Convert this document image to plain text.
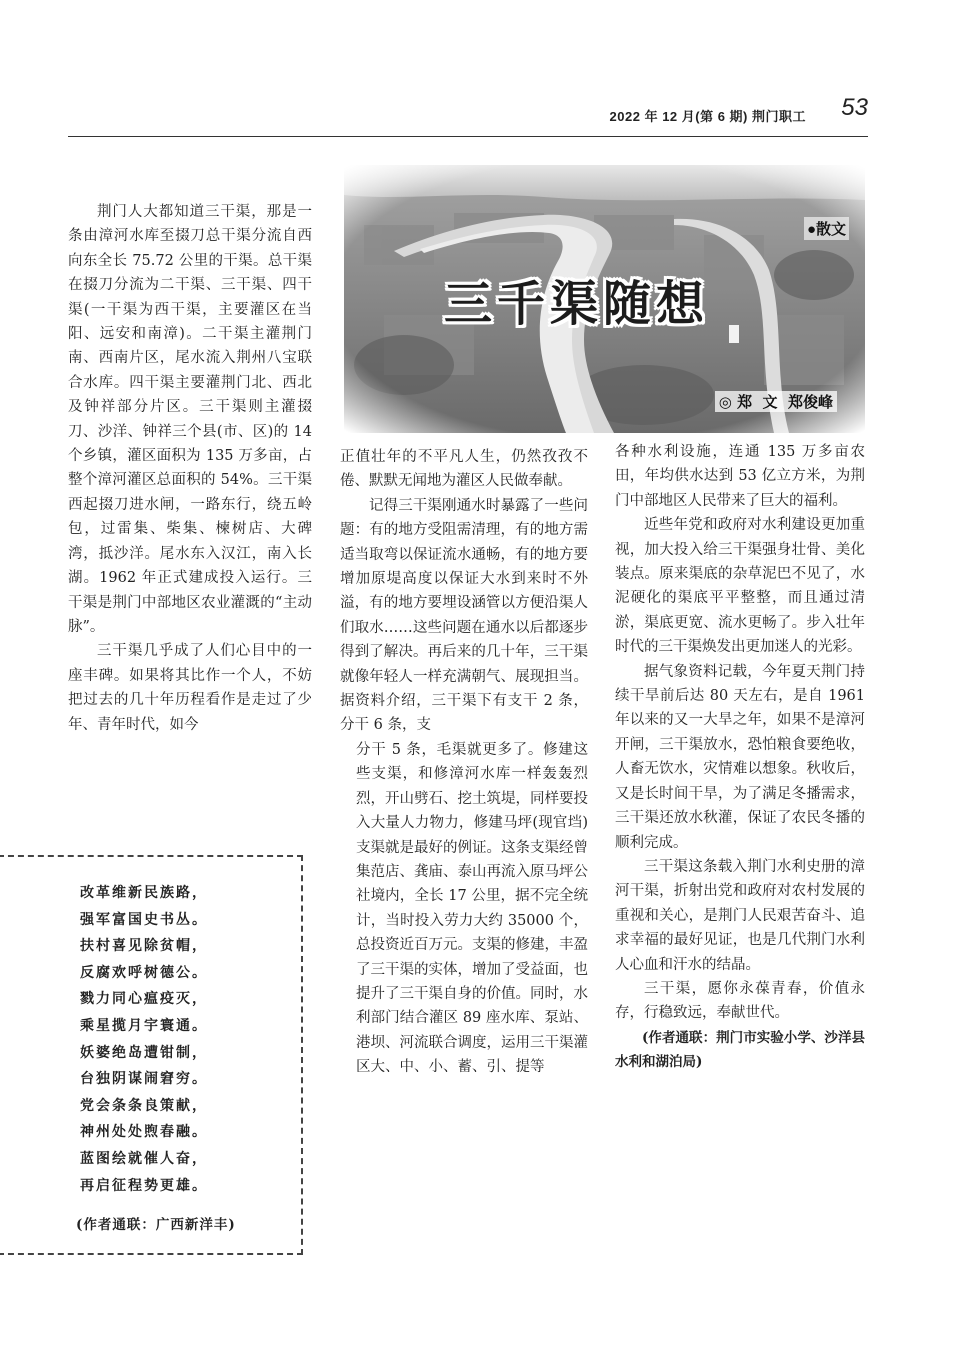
2022 年 12 月(第 6 期) 荆门职工 53
●散文
三千渠随想
◎ 郑  文  郑俊峰

荆门人大都知道三干渠，那是一条由漳河水库至掇刀总干渠分流自西向东全长 75.72 公里的干渠。总干渠在掇刀分流为二干渠、三干渠、四干渠(一干渠为西干渠，主要灌区在当阳、远安和南漳)。二干渠主灌荆门南、西南片区，尾水流入荆州八宝联合水库。四干渠主要灌荆门北、西北及钟祥部分片区。三干渠则主灌掇刀、沙洋、钟祥三个县(市、区)的 14 个乡镇，灌区面积为 135 万多亩，占整个漳河灌区总面积的 54%。三干渠西起掇刀进水闸，一路东行，绕五岭包，过雷集、柴集、楝树店、大碑湾，抵沙洋。尾水东入汉江，南入长湖。1962 年正式建成投入运行。三干渠是荆门中部地区农业灌溉的“主动脉”。

三干渠几乎成了人们心目中的一座丰碑。如果将其比作一个人，不妨把过去的几十年历程看作是走过了少年、青年时代，如今

正值壮年的不平凡人生，仍然孜孜不倦、默默无闻地为灌区人民做奉献。

记得三干渠刚通水时暴露了一些问题：有的地方受阻需清理，有的地方需适当取弯以保证流水通畅，有的地方要增加原堤高度以保证大水到来时不外溢，有的地方要埋设涵管以方便沿渠人们取水……这些问题在通水以后都逐步得到了解决。再后来的几十年，三干渠就像年轻人一样充满朝气、展现担当。据资料介绍，三干渠下有支干 2 条，分干 6 条，支

分干 5 条，毛渠就更多了。修建这些支渠，和修漳河水库一样轰轰烈烈，开山劈石、挖土筑堤，同样要投入大量人力物力，修建马坪(现官垱)支渠就是最好的例证。这条支渠经曾集范店、龚庙、泰山再流入原马坪公社境内，全长 17 公里，据不完全统计，当时投入劳力大约 35000 个，总投资近百万元。支渠的修建，丰盈了三干渠的实体，增加了受益面，也提升了三干渠自身的价值。同时，水利部门结合灌区 89 座水库、泵站、港坝、河流联合调度，运用三干渠灌区大、中、小、蓄、引、提等

各种水利设施，连通 135 万多亩农田，年均供水达到 53 亿立方米，为荆门中部地区人民带来了巨大的福利。

近些年党和政府对水利建设更加重视，加大投入给三干渠强身壮骨、美化装点。原来渠底的杂草泥巴不见了，水泥硬化的渠底平平整整，而且通过清淤，渠底更宽、流水更畅了。步入壮年时代的三干渠焕发出更加迷人的光彩。

据气象资料记载，今年夏天荆门持续干旱前后达 80 天左右，是自 1961 年以来的又一大旱之年，如果不是漳河开闸，三干渠放水，恐怕粮食要绝收，人畜无饮水，灾情难以想象。秋收后，又是长时间干旱，为了满足冬播需求，三干渠还放水秋灌，保证了农民冬播的顺利完成。

三干渠这条载入荆门水利史册的漳河干渠，折射出党和政府对农村发展的重视和关心，是荆门人民艰苦奋斗、追求幸福的最好见证，也是几代荆门水利人心血和汗水的结晶。

三干渠，愿你永葆青春，价值永存，行稳致远，奉献世代。

(作者通联：荆门市实验小学、沙洋县水利和湖泊局)

改革维新民族路，
强军富国史书丛。
扶村喜见除贫帽，
反腐欢呼树德公。
戮力同心瘟疫灭，
乘星揽月宇寰通。
妖婆绝岛遭钳制，
台独阴谋闹窘穷。
党会条条良策献，
神州处处煦春融。
蓝图绘就催人奋，
再启征程势更雄。
(作者通联：广西新洋丰)
